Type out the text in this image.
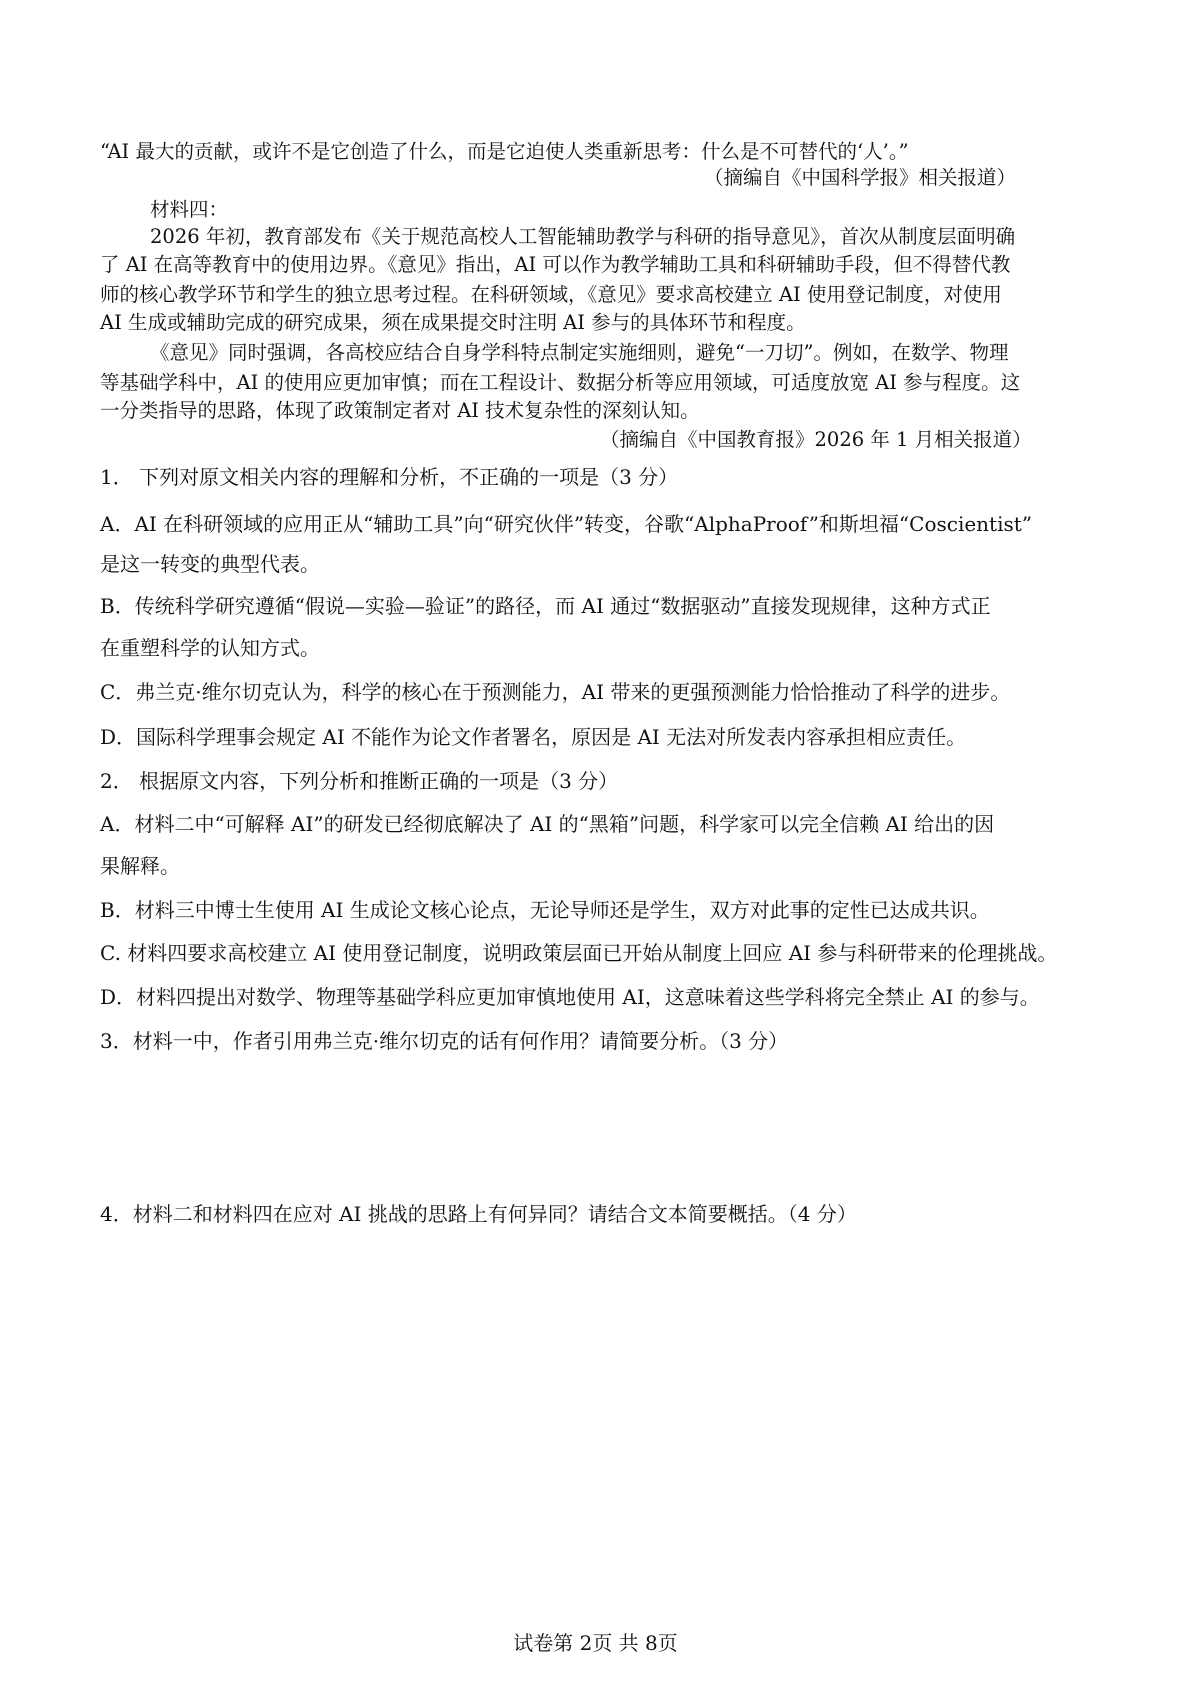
“AI 最大的贡献，或许不是它创造了什么，而是它迫使人类重新思考：什么是不可替代的‘人’。”
（摘编自《中国科学报》相关报道）
材料四：
2026 年初，教育部发布《关于规范高校人工智能辅助教学与科研的指导意见》，首次从制度层面明确
了 AI 在高等教育中的使用边界。《意见》指出，AI 可以作为教学辅助工具和科研辅助手段，但不得替代教
师的核心教学环节和学生的独立思考过程。在科研领域，《意见》要求高校建立 AI 使用登记制度，对使用
AI 生成或辅助完成的研究成果，须在成果提交时注明 AI 参与的具体环节和程度。
《意见》同时强调，各高校应结合自身学科特点制定实施细则，避免“一刀切”。例如，在数学、物理
等基础学科中，AI 的使用应更加审慎；而在工程设计、数据分析等应用领域，可适度放宽 AI 参与程度。这
一分类指导的思路，体现了政策制定者对 AI 技术复杂性的深刻认知。
（摘编自《中国教育报》2026 年 1 月相关报道）
1． 下列对原文相关内容的理解和分析，不正确的一项是（3 分）
A．AI 在科研领域的应用正从“辅助工具”向“研究伙伴”转变，谷歌“AlphaProof”和斯坦福“Coscientist”
是这一转变的典型代表。
B．传统科学研究遵循“假说—实验—验证”的路径，而 AI 通过“数据驱动”直接发现规律，这种方式正
在重塑科学的认知方式。
C．弗兰克·维尔切克认为，科学的核心在于预测能力，AI 带来的更强预测能力恰恰推动了科学的进步。
D．国际科学理事会规定 AI 不能作为论文作者署名，原因是 AI 无法对所发表内容承担相应责任。
2． 根据原文内容，下列分析和推断正确的一项是（3 分）
A．材料二中“可解释 AI”的研发已经彻底解决了 AI 的“黑箱”问题，科学家可以完全信赖 AI 给出的因
果解释。
B．材料三中博士生使用 AI 生成论文核心论点，无论导师还是学生，双方对此事的定性已达成共识。
C. 材料四要求高校建立 AI 使用登记制度，说明政策层面已开始从制度上回应 AI 参与科研带来的伦理挑战。
D．材料四提出对数学、物理等基础学科应更加审慎地使用 AI，这意味着这些学科将完全禁止 AI 的参与。
3．材料一中，作者引用弗兰克·维尔切克的话有何作用？请简要分析。（3 分）
4．材料二和材料四在应对 AI 挑战的思路上有何异同？请结合文本简要概括。（4 分）
试卷第 2页 共 8页
